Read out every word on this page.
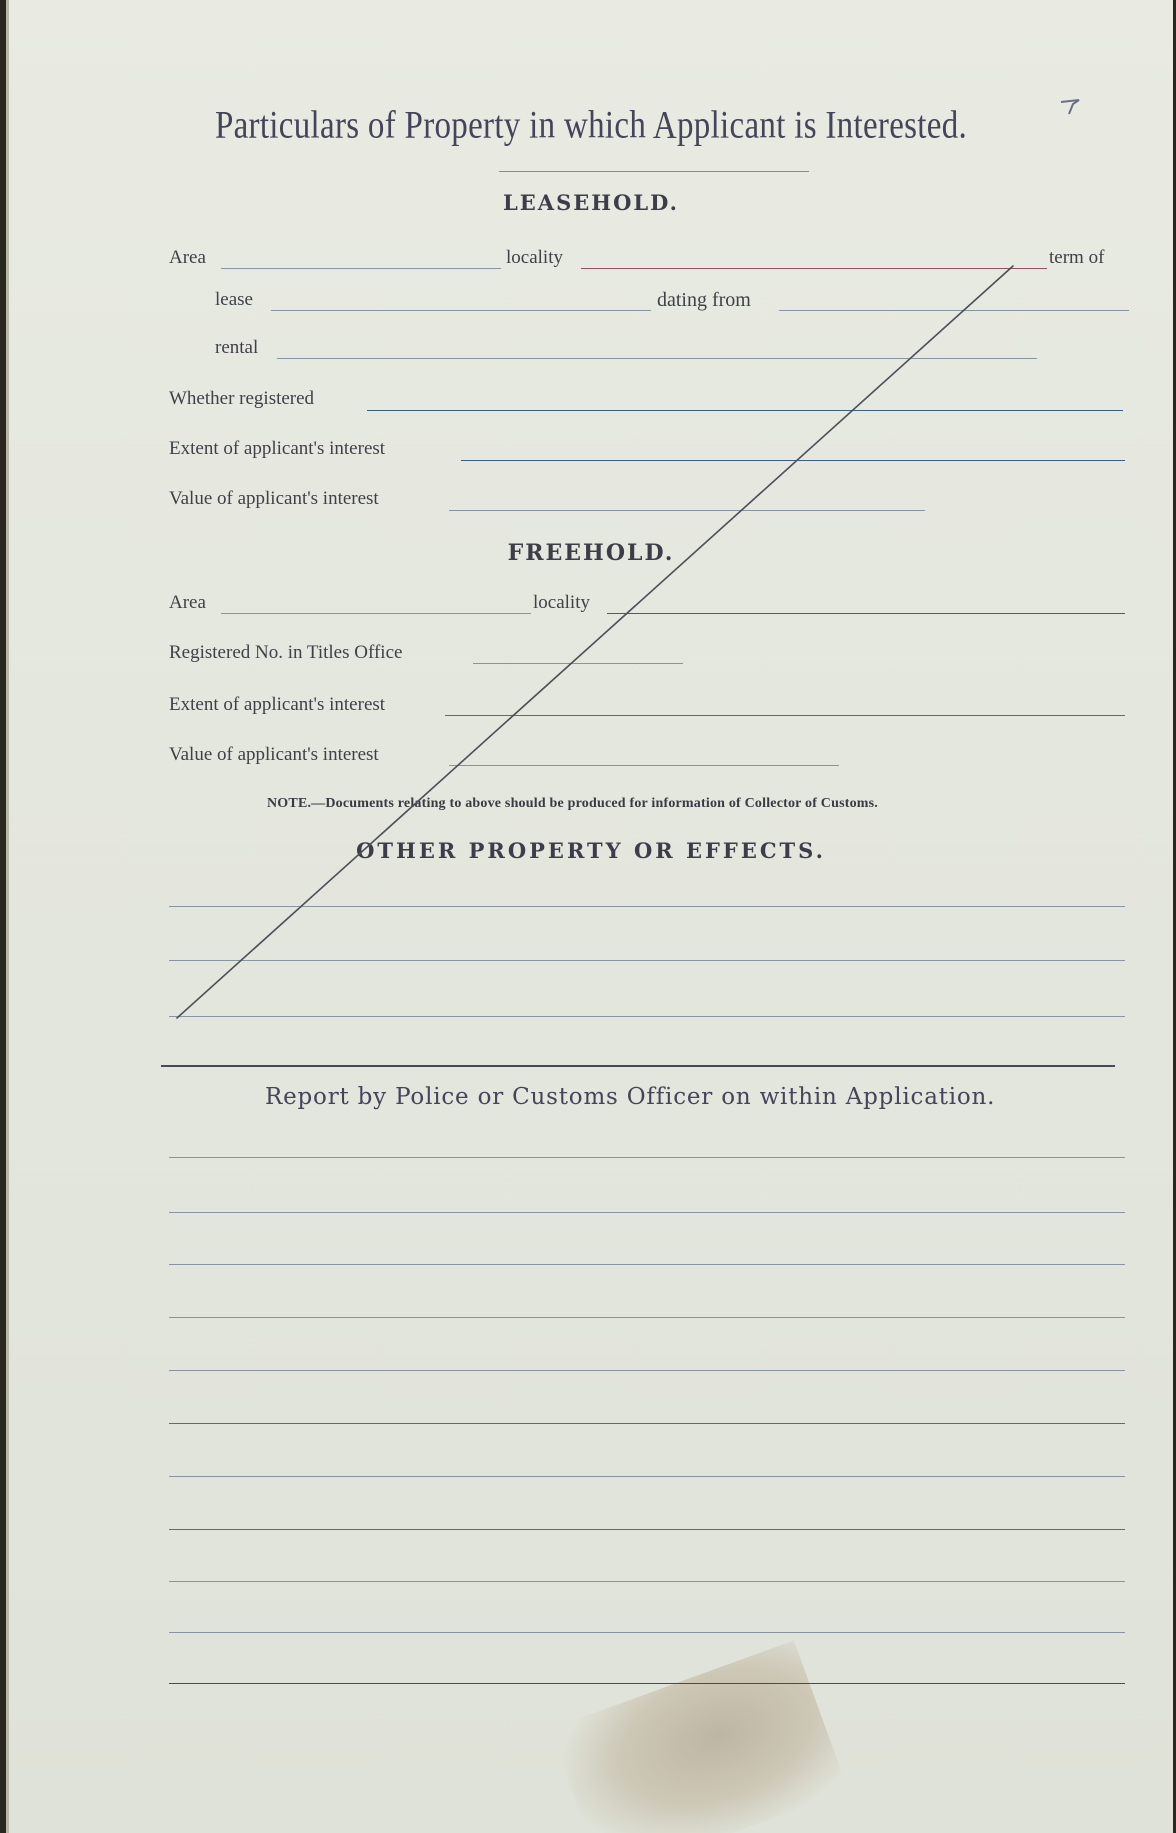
Particulars of Property in which Applicant is Interested.
LEASEHOLD.
Area	locality	term of
lease	dating from
rental
Whether registered
Extent of applicant's interest
Value of applicant's interest
FREEHOLD.
Area	locality
Registered No. in Titles Office
Extent of applicant's interest
Value of applicant's interest
NOTE.—Documents relating to above should be produced for information of Collector of Customs.
OTHER PROPERTY OR EFFECTS.
Report by Police or Customs Officer on within Application.
